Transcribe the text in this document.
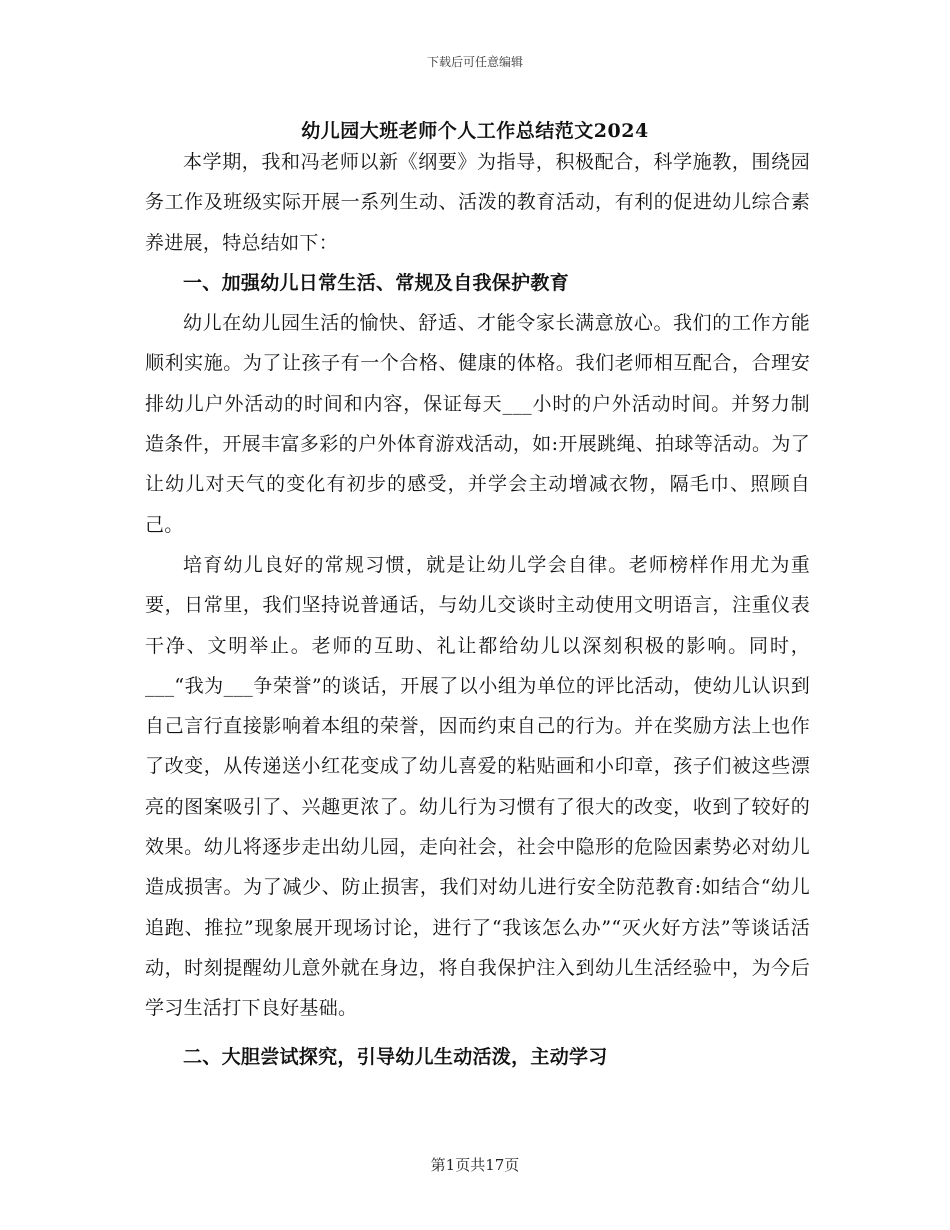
下载后可任意编辑
幼儿园大班老师个人工作总结范文2024

本学期，我和冯老师以新《纲要》为指导，积极配合，科学施教，围绕园务工作及班级实际开展一系列生动、活泼的教育活动，有利的促进幼儿综合素养进展，特总结如下：

一、加强幼儿日常生活、常规及自我保护教育

幼儿在幼儿园生活的愉快、舒适、才能令家长满意放心。我们的工作方能顺利实施。为了让孩子有一个合格、健康的体格。我们老师相互配合，合理安排幼儿户外活动的时间和内容，保证每天___小时的户外活动时间。并努力制造条件，开展丰富多彩的户外体育游戏活动，如:开展跳绳、拍球等活动。为了让幼儿对天气的变化有初步的感受，并学会主动增减衣物，隔毛巾、照顾自己。

培育幼儿良好的常规习惯，就是让幼儿学会自律。老师榜样作用尤为重要，日常里，我们坚持说普通话，与幼儿交谈时主动使用文明语言，注重仪表干净、文明举止。老师的互助、礼让都给幼儿以深刻积极的影响。同时，___“我为___争荣誉”的谈话，开展了以小组为单位的评比活动，使幼儿认识到自己言行直接影响着本组的荣誉，因而约束自己的行为。并在奖励方法上也作了改变，从传递送小红花变成了幼儿喜爱的粘贴画和小印章，孩子们被这些漂亮的图案吸引了、兴趣更浓了。幼儿行为习惯有了很大的改变，收到了较好的效果。幼儿将逐步走出幼儿园，走向社会，社会中隐形的危险因素势必对幼儿造成损害。为了减少、防止损害，我们对幼儿进行安全防范教育:如结合“幼儿追跑、推拉”现象展开现场讨论，进行了“我该怎么办”“灭火好方法”等谈话活动，时刻提醒幼儿意外就在身边，将自我保护注入到幼儿生活经验中，为今后学习生活打下良好基础。

二、大胆尝试探究，引导幼儿生动活泼，主动学习
第1页共17页
